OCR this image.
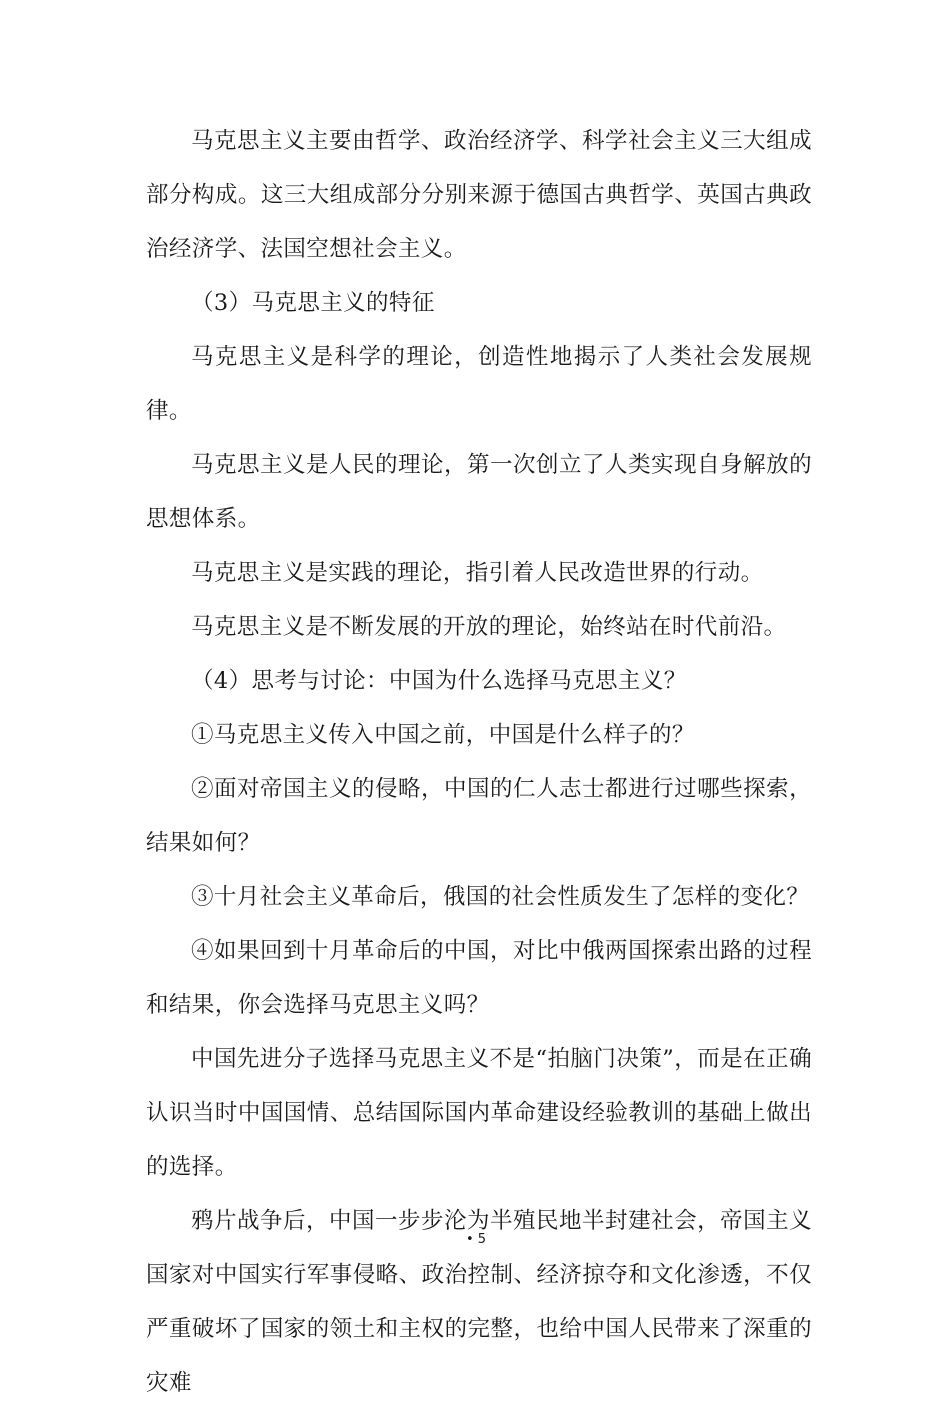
马克思主义主要由哲学、政治经济学、科学社会主义三大组成部分构成。这三大组成部分分别来源于德国古典哲学、英国古典政治经济学、法国空想社会主义。

（3）马克思主义的特征

马克思主义是科学的理论，创造性地揭示了人类社会发展规律。

马克思主义是人民的理论，第一次创立了人类实现自身解放的思想体系。

马克思主义是实践的理论，指引着人民改造世界的行动。

马克思主义是不断发展的开放的理论，始终站在时代前沿。

（4）思考与讨论：中国为什么选择马克思主义？

①马克思主义传入中国之前，中国是什么样子的？

②面对帝国主义的侵略，中国的仁人志士都进行过哪些探索，结果如何？

③十月社会主义革命后，俄国的社会性质发生了怎样的变化？

④如果回到十月革命后的中国，对比中俄两国探索出路的过程和结果，你会选择马克思主义吗？

中国先进分子选择马克思主义不是“拍脑门决策”，而是在正确认识当时中国国情、总结国际国内革命建设经验教训的基础上做出的选择。

鸦片战争后，中国一步步沦为半殖民地半封建社会，帝国主义国家对中国实行军事侵略、政治控制、经济掠夺和文化渗透，不仅严重破坏了国家的领土和主权的完整，也给中国人民带来了深重的灾难

• 5
